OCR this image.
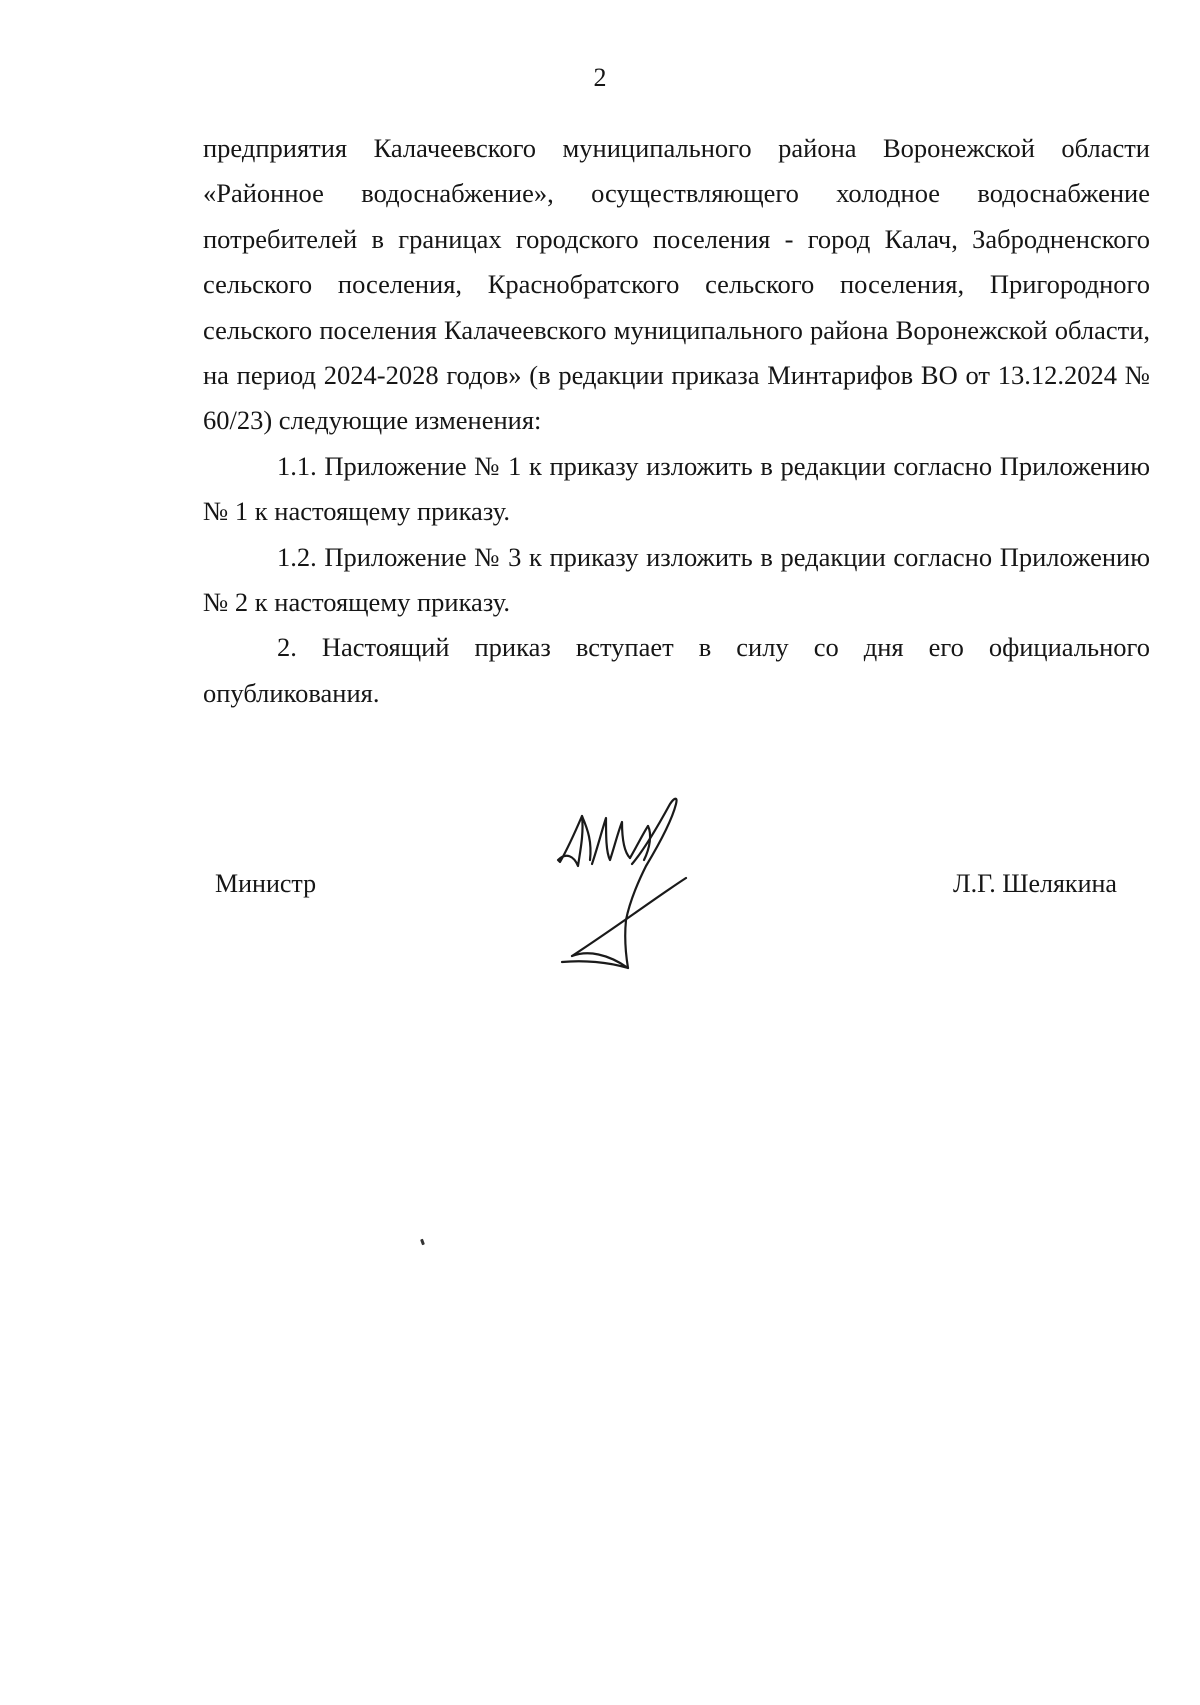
2

предприятия Калачеевского муниципального района Воронежской области «Районное водоснабжение», осуществляющего холодное водоснабжение потребителей в границах городского поселения - город Калач, Забродненского сельского поселения, Краснобратского сельского поселения, Пригородного сельского поселения Калачеевского муниципального района Воронежской области, на период 2024-2028 годов» (в редакции приказа Минтарифов ВО от 13.12.2024 № 60/23) следующие изменения:

1.1. Приложение № 1 к приказу изложить в редакции согласно Приложению № 1 к настоящему приказу.

1.2. Приложение № 3 к приказу изложить в редакции согласно Приложению № 2 к настоящему приказу.

2. Настоящий приказ вступает в силу со дня его официального опубликования.

Министр	Л.Г. Шелякина
